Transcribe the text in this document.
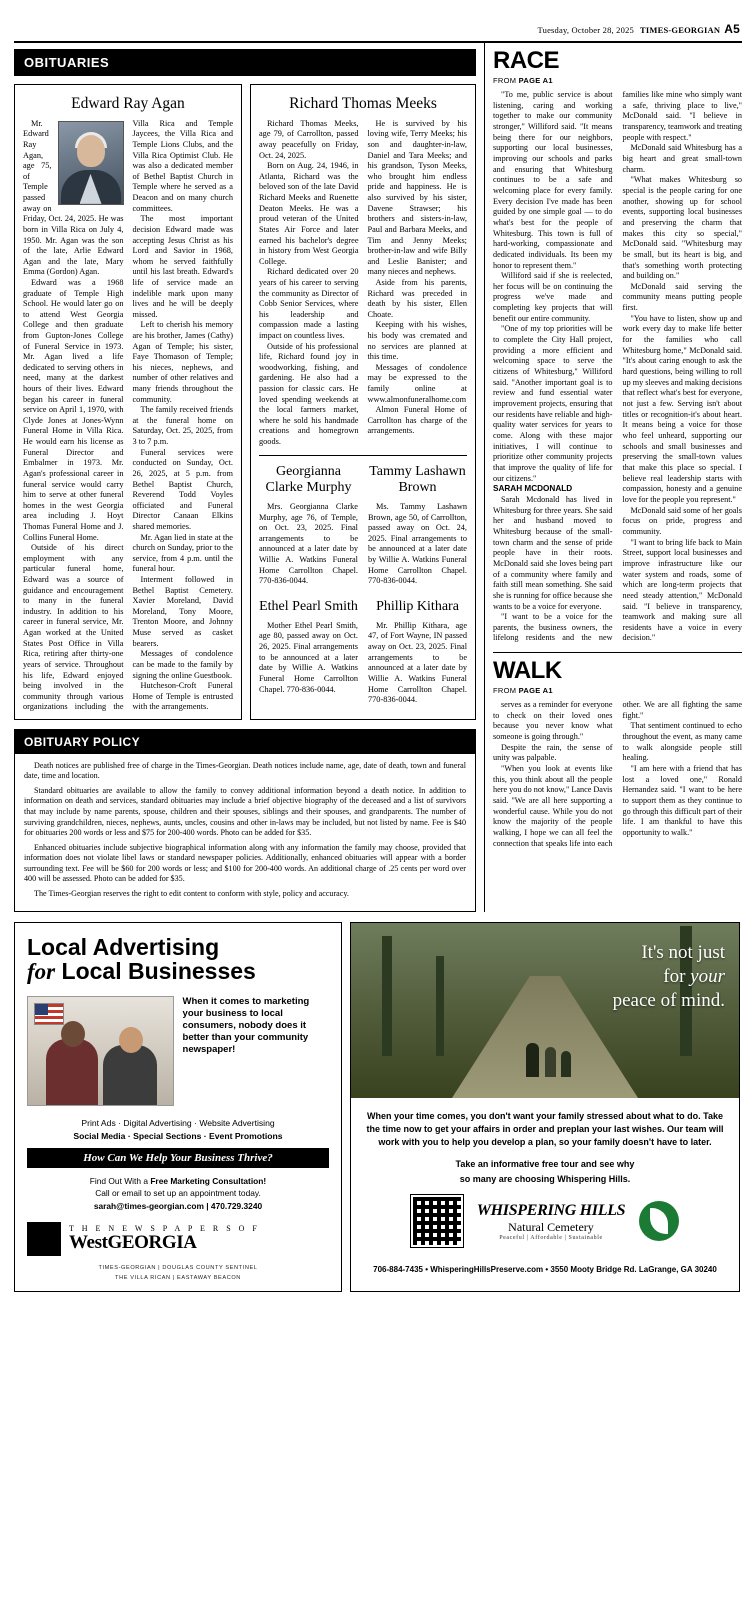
Tuesday, October 28, 2025 TIMES-GEORGIAN A5
OBITUARIES
Edward Ray Agan

Mr. Edward Ray Agan, age 75, of Temple passed away on Friday, Oct. 24, 2025. He was born in Villa Rica on July 4, 1950. Mr. Agan was the son of the late, Arlie Edward Agan and the late, Mary Emma (Gordon) Agan.
Edward was a 1968 graduate of Temple High School. He would later go on to attend West Georgia College and then graduate from Gupton-Jones College of Funeral Service in 1973. Mr. Agan lived a life dedicated to serving others in need, many at the darkest hours of their lives. Edward began his career in funeral service on April 1, 1970, with Clyde Jones at Jones-Wynn Funeral Home in Villa Rica. He would earn his license as Funeral Director and Embalmer in 1973. Mr. Agan's professional career in funeral service would carry him to serve at other funeral homes in the west Georgia area including J. Hoyt Thomas Funeral Home and J. Collins Funeral Home.
Outside of his direct employment with any particular funeral home, Edward was a source of guidance and encouragement to many in the funeral industry. In addition to his career in funeral service, Mr. Agan worked at the United States Post Office in Villa Rica, retiring after thirty-one years of service. Throughout his life, Edward enjoyed being involved in the community through various organizations including the Villa Rica and Temple Jaycees, the Villa Rica and Temple Lions Clubs, and the Villa Rica Optimist Club. He was also a dedicated member of Bethel Baptist Church in Temple where he served as a Deacon and on many church committees.

The most important decision Edward made was accepting Jesus Christ as his Lord and Savior in 1968, whom he served faithfully until his last breath. Edward's life of service made an indelible mark upon many lives and he will be deeply missed.
Left to cherish his memory are his brother, James (Cathy) Agan of Temple; his sister, Faye Thomason of Temple; his nieces, nephews, and number of other relatives and many friends throughout the community.
The family received friends at the funeral home on Saturday, Oct. 25, 2025, from 3 to 7 p.m.
Funeral services were conducted on Sunday, Oct. 26, 2025, at 5 p.m. from Bethel Baptist Church, Reverend Todd Voyles officiated and Funeral Director Canaan Elkins shared memories.
Mr. Agan lied in state at the church on Sunday, prior to the service, from 4 p.m. until the funeral hour.
Interment followed in Bethel Baptist Cemetery. Xavier Moreland, David Moreland, Tony Moore, Trenton Moore, and Johnny Muse served as casket bearers.
Messages of condolence can be made to the family by signing the online Guestbook.
Hutcheson-Croft Funeral Home of Temple is entrusted with the arrangements.

Richard Thomas Meeks

Richard Thomas Meeks, age 79, of Carrollton, passed away peacefully on Friday, Oct. 24, 2025.
Born on Aug. 24, 1946, in Atlanta, Richard was the beloved son of the late David Richard Meeks and Ruenette Deaton Meeks. He was a proud veteran of the United States Air Force and later earned his bachelor's degree in history from West Georgia College.
Richard dedicated over 20 years of his career to serving the community as Director of Cobb Senior Services, where his leadership and compassion made a lasting impact on countless lives.
Outside of his professional life, Richard found joy in woodworking, fishing, and gardening. He also had a passion for classic cars. He loved spending weekends at the local farmers market, where he sold his handmade creations and homegrown goods.

He is survived by his loving wife, Terry Meeks; his son and daughter-in-law, Daniel and Tara Meeks; and his grandson, Tyson Meeks, who brought him endless pride and happiness. He is also survived by his sister, Davene Strawser; his brothers and sisters-in-law, Paul and Barbara Meeks, and Tim and Jenny Meeks; brother-in-law and wife Billy and Leslie Banister; and many nieces and nephews.
Aside from his parents, Richard was preceded in death by his sister, Ellen Choate.
Keeping with his wishes, his body was cremated and no services are planned at this time.
Messages of condolence may be expressed to the family online at www.almonfuneralhome.com
Almon Funeral Home of Carrollton has charge of the arrangements.

Georgianna Clarke Murphy

Mrs. Georgianna Clarke Murphy, age 76, of Temple, on Oct. 23, 2025. Final arrangements to be announced at a later date by Willie A. Watkins Funeral Home Carrollton Chapel. 770-836-0044.

Tammy Lashawn Brown

Ms. Tammy Lashawn Brown, age 50, of Carrollton, passed away on Oct. 24, 2025. Final arrangements to be announced at a later date by Willie A. Watkins Funeral Home Carrollton Chapel. 770-836-0044.

Ethel Pearl Smith

Mother Ethel Pearl Smith, age 80, passed away on Oct. 26, 2025. Final arrangements to be announced at a later date by Willie A. Watkins Funeral Home Carrollton Chapel. 770-836-0044.

Phillip Kithara

Mr. Phillip Kithara, age 47, of Fort Wayne, IN passed away on Oct. 23, 2025. Final arrangements to be announced at a later date by Willie A. Watkins Funeral Home Carrollton Chapel. 770-836-0044.

OBITUARY POLICY

Death notices are published free of charge in the Times-Georgian. Death notices include name, age, date of death, town and funeral date, time and location.

Standard obituaries are available to allow the family to convey additional information beyond a death notice. In addition to information on death and services, standard obituaries may include a brief objective biography of the deceased and a list of survivors that may include by name parents, spouse, children and their spouses, siblings and their spouses, and grandparents. The number of surviving grandchildren, nieces, nephews, aunts, uncles, cousins and other in-laws may be included, but not listed by name. Fee is $40 for obituaries 200 words or less and $75 for 200-400 words. Photo can be added for $35.

Enhanced obituaries include subjective biographical information along with any information the family may choose, provided that information does not violate libel laws or standard newspaper policies. Additionally, enhanced obituaries will appear with a border surrounding text. Fee will be $60 for 200 words or less; and $100 for 200-400 words. An additional charge of .25 cents per word over 400 will be assessed. Photo can be added for $35.

The Times-Georgian reserves the right to edit content to conform with style, policy and accuracy.

RACE
FROM PAGE A1

"To me, public service is about listening, caring and working together to make our community stronger," Williford said. "It means being there for our neighbors, supporting our local businesses, improving our schools and parks and ensuring that Whitesburg continues to be a safe and welcoming place for every family. Every decision I've made has been guided by one simple goal — to do what's best for the people of Whitesburg. This town is full of hard-working, compassionate and dedicated individuals. Its been my honor to represent them."

Williford said if she is reelected, her focus will be on continuing the progress we've made and completing key projects that will benefit our entire community.

"One of my top priorities will be to complete the City Hall project, providing a more efficient and welcoming space to serve the citizens of Whitesburg," Williford said. "Another important goal is to review and fund essential water improvement projects, ensuring that our residents have reliable and high-quality water services for years to come. Along with these major initiatives, I will continue to prioritize other community projects that improve the quality of life for our citizens."

SARAH MCDONALD

Sarah Mcdonald has lived in Whitesburg for three years. She said her and husband moved to Whitesburg because of the small-town charm and the sense of pride people have in their roots. McDonald said she loves being part of a community where family and faith still mean something. She said she is running for office because she wants to be a voice for everyone.

"I want to be a voice for the parents, the business owners, the lifelong residents and the new families like mine who simply want a safe, thriving place to live," McDonald said. "I believe in transparency, teamwork and treating people with respect."

McDonald said Whitesburg has a big heart and great small-town charm.

"What makes Whitesburg so special is the people caring for one another, showing up for school events, supporting local businesses and preserving the charm that makes this city so special," McDonald said. "Whitesburg may be small, but its heart is big, and that's something worth protecting and building on."

McDonald said serving the community means putting people first.

"You have to listen, show up and work every day to make life better for the families who call Whitesburg home," McDonald said. "It's about caring enough to ask the hard questions, being willing to roll up my sleeves and making decisions that reflect what's best for everyone, not just a few. Serving isn't about titles or recognition-it's about heart. It means being a voice for those who feel unheard, supporting our schools and small businesses and preserving the small-town values that make this place so special. I believe real leadership starts with compassion, honesty and a genuine love for the people you represent."

McDonald said some of her goals focus on pride, progress and community.

"I want to bring life back to Main Street, support local businesses and improve infrastructure like our water system and roads, some of which are long-term projects that need steady attention," McDonald said. "I believe in transparency, teamwork and making sure all residents have a voice in every decision."

WALK
FROM PAGE A1

serves as a reminder for everyone to check on their loved ones because you never know what someone is going through."

Despite the rain, the sense of unity was palpable.

"When you look at events like this, you think about all the people here you do not know," Lance Davis said. "We are all here supporting a wonderful cause. While you do not know the majority of the people walking, I hope we can all feel the connection that speaks life into each other. We are all fighting the same fight."

That sentiment continued to echo throughout the event, as many came to walk alongside people still healing.

"I am here with a friend that has lost a loved one," Ronald Hernandez said. "I want to be here to support them as they continue to go through this difficult part of their life. I am thankful to have this opportunity to walk."

Local Advertising
for Local Businesses
When it comes to marketing your business to local consumers, nobody does it better than your community newspaper!
Print Ads · Digital Advertising · Website Advertising
Social Media · Special Sections · Event Promotions
How Can We Help Your Business Thrive?
Find Out With a Free Marketing Consultation!
Call or email to set up an appointment today.
sarah@times-georgian.com | 470.729.3240
T H E N E W S P A P E R S O F
WestGEORGIA
TIMES-GEORGIAN | DOUGLAS COUNTY SENTINEL
THE VILLA RICAN | EASTAWAY BEACON
It's not just
for your
peace of mind.

When your time comes, you don't want your family stressed about what to do. Take the time now to get your affairs in order and preplan your last wishes. Our team will work with you to help you develop a plan, so your family doesn't have to later.

Take an informative free tour and see why

so many are choosing Whispering Hills.

WHISPERING HILLS
Natural Cemetery
Peaceful | Affordable | Sustainable
706-884-7435 • WhisperingHillsPreserve.com • 3550 Mooty Bridge Rd. LaGrange, GA 30240
